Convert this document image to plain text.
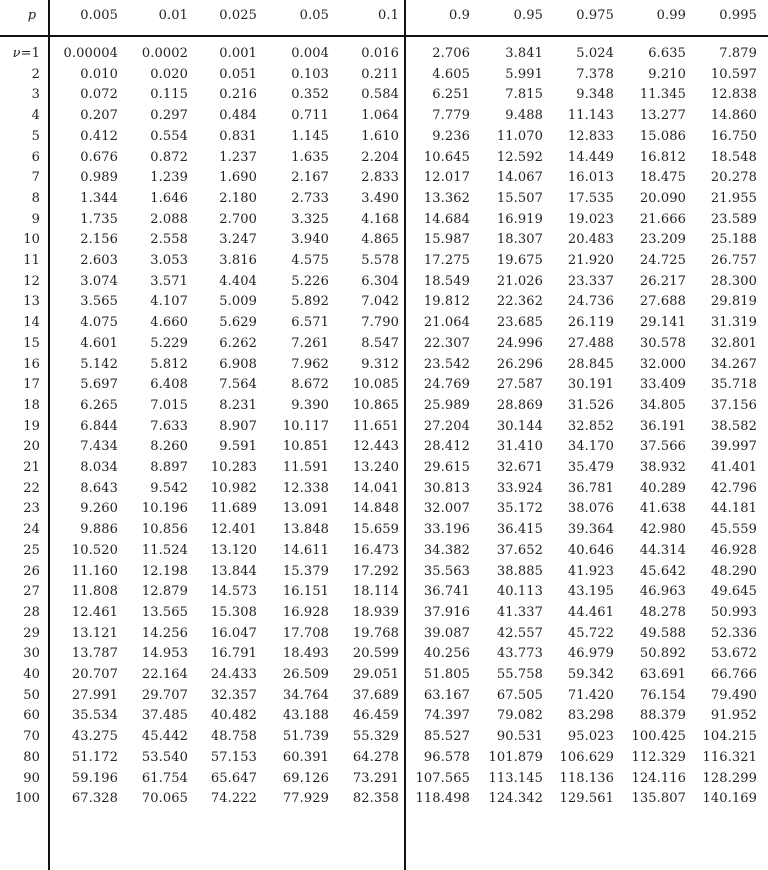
p	0.005	0.01	0.025	0.05	0.1	0.9	0.95	0.975	0.99	0.995
ν=1	0.00004	0.0002	0.001	0.004	0.016	2.706	3.841	5.024	6.635	7.879
2	0.010	0.020	0.051	0.103	0.211	4.605	5.991	7.378	9.210	10.597
3	0.072	0.115	0.216	0.352	0.584	6.251	7.815	9.348	11.345	12.838
4	0.207	0.297	0.484	0.711	1.064	7.779	9.488	11.143	13.277	14.860
5	0.412	0.554	0.831	1.145	1.610	9.236	11.070	12.833	15.086	16.750
6	0.676	0.872	1.237	1.635	2.204	10.645	12.592	14.449	16.812	18.548
7	0.989	1.239	1.690	2.167	2.833	12.017	14.067	16.013	18.475	20.278
8	1.344	1.646	2.180	2.733	3.490	13.362	15.507	17.535	20.090	21.955
9	1.735	2.088	2.700	3.325	4.168	14.684	16.919	19.023	21.666	23.589
10	2.156	2.558	3.247	3.940	4.865	15.987	18.307	20.483	23.209	25.188
11	2.603	3.053	3.816	4.575	5.578	17.275	19.675	21.920	24.725	26.757
12	3.074	3.571	4.404	5.226	6.304	18.549	21.026	23.337	26.217	28.300
13	3.565	4.107	5.009	5.892	7.042	19.812	22.362	24.736	27.688	29.819
14	4.075	4.660	5.629	6.571	7.790	21.064	23.685	26.119	29.141	31.319
15	4.601	5.229	6.262	7.261	8.547	22.307	24.996	27.488	30.578	32.801
16	5.142	5.812	6.908	7.962	9.312	23.542	26.296	28.845	32.000	34.267
17	5.697	6.408	7.564	8.672	10.085	24.769	27.587	30.191	33.409	35.718
18	6.265	7.015	8.231	9.390	10.865	25.989	28.869	31.526	34.805	37.156
19	6.844	7.633	8.907	10.117	11.651	27.204	30.144	32.852	36.191	38.582
20	7.434	8.260	9.591	10.851	12.443	28.412	31.410	34.170	37.566	39.997
21	8.034	8.897	10.283	11.591	13.240	29.615	32.671	35.479	38.932	41.401
22	8.643	9.542	10.982	12.338	14.041	30.813	33.924	36.781	40.289	42.796
23	9.260	10.196	11.689	13.091	14.848	32.007	35.172	38.076	41.638	44.181
24	9.886	10.856	12.401	13.848	15.659	33.196	36.415	39.364	42.980	45.559
25	10.520	11.524	13.120	14.611	16.473	34.382	37.652	40.646	44.314	46.928
26	11.160	12.198	13.844	15.379	17.292	35.563	38.885	41.923	45.642	48.290
27	11.808	12.879	14.573	16.151	18.114	36.741	40.113	43.195	46.963	49.645
28	12.461	13.565	15.308	16.928	18.939	37.916	41.337	44.461	48.278	50.993
29	13.121	14.256	16.047	17.708	19.768	39.087	42.557	45.722	49.588	52.336
30	13.787	14.953	16.791	18.493	20.599	40.256	43.773	46.979	50.892	53.672
40	20.707	22.164	24.433	26.509	29.051	51.805	55.758	59.342	63.691	66.766
50	27.991	29.707	32.357	34.764	37.689	63.167	67.505	71.420	76.154	79.490
60	35.534	37.485	40.482	43.188	46.459	74.397	79.082	83.298	88.379	91.952
70	43.275	45.442	48.758	51.739	55.329	85.527	90.531	95.023	100.425	104.215
80	51.172	53.540	57.153	60.391	64.278	96.578	101.879	106.629	112.329	116.321
90	59.196	61.754	65.647	69.126	73.291	107.565	113.145	118.136	124.116	128.299
100	67.328	70.065	74.222	77.929	82.358	118.498	124.342	129.561	135.807	140.169
